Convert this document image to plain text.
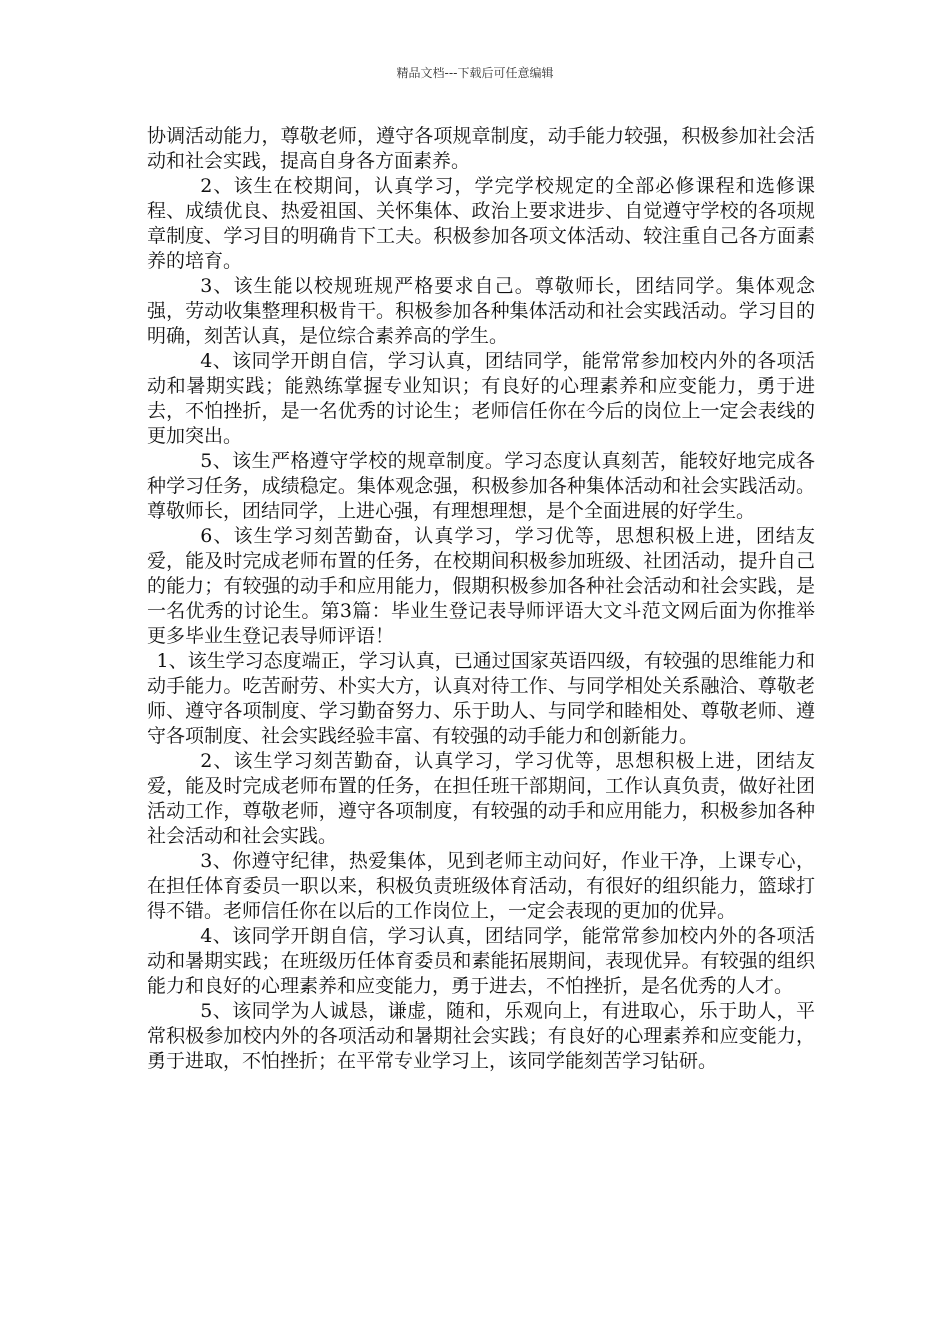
精品文档---下载后可任意编辑

协调活动能力，尊敬老师，遵守各项规章制度，动手能力较强，积极参加社会活动和社会实践，提高自身各方面素养。

2、该生在校期间，认真学习，学完学校规定的全部必修课程和选修课程、成绩优良、热爱祖国、关怀集体、政治上要求进步、自觉遵守学校的各项规章制度、学习目的明确肯下工夫。积极参加各项文体活动、较注重自己各方面素养的培育。

3、该生能以校规班规严格要求自己。尊敬师长，团结同学。集体观念强，劳动收集整理积极肯干。积极参加各种集体活动和社会实践活动。学习目的明确，刻苦认真，是位综合素养高的学生。

4、该同学开朗自信，学习认真，团结同学，能常常参加校内外的各项活动和暑期实践；能熟练掌握专业知识；有良好的心理素养和应变能力，勇于进去，不怕挫折，是一名优秀的讨论生；老师信任你在今后的岗位上一定会表线的更加突出。

5、该生严格遵守学校的规章制度。学习态度认真刻苦，能较好地完成各种学习任务，成绩稳定。集体观念强，积极参加各种集体活动和社会实践活动。尊敬师长，团结同学，上进心强，有理想理想，是个全面进展的好学生。

6、该生学习刻苦勤奋，认真学习，学习优等，思想积极上进，团结友爱，能及时完成老师布置的任务，在校期间积极参加班级、社团活动，提升自己的能力；有较强的动手和应用能力，假期积极参加各种社会活动和社会实践，是一名优秀的讨论生。第3篇：毕业生登记表导师评语大文斗范文网后面为你推举更多毕业生登记表导师评语！

1、该生学习态度端正，学习认真，已通过国家英语四级，有较强的思维能力和动手能力。吃苦耐劳、朴实大方，认真对待工作、与同学相处关系融洽、尊敬老师、遵守各项制度、学习勤奋努力、乐于助人、与同学和睦相处、尊敬老师、遵守各项制度、社会实践经验丰富、有较强的动手能力和创新能力。

2、该生学习刻苦勤奋，认真学习，学习优等，思想积极上进，团结友爱，能及时完成老师布置的任务，在担任班干部期间，工作认真负责，做好社团活动工作，尊敬老师，遵守各项制度，有较强的动手和应用能力，积极参加各种社会活动和社会实践。

3、你遵守纪律，热爱集体，见到老师主动问好，作业干净，上课专心，在担任体育委员一职以来，积极负责班级体育活动，有很好的组织能力，篮球打得不错。老师信任你在以后的工作岗位上，一定会表现的更加的优异。

4、该同学开朗自信，学习认真，团结同学，能常常参加校内外的各项活动和暑期实践；在班级历任体育委员和素能拓展期间，表现优异。有较强的组织能力和良好的心理素养和应变能力，勇于进去，不怕挫折，是名优秀的人才。

5、该同学为人诚恳，谦虚，随和，乐观向上，有进取心，乐于助人，平常积极参加校内外的各项活动和暑期社会实践；有良好的心理素养和应变能力，勇于进取，不怕挫折；在平常专业学习上，该同学能刻苦学习钻研。
